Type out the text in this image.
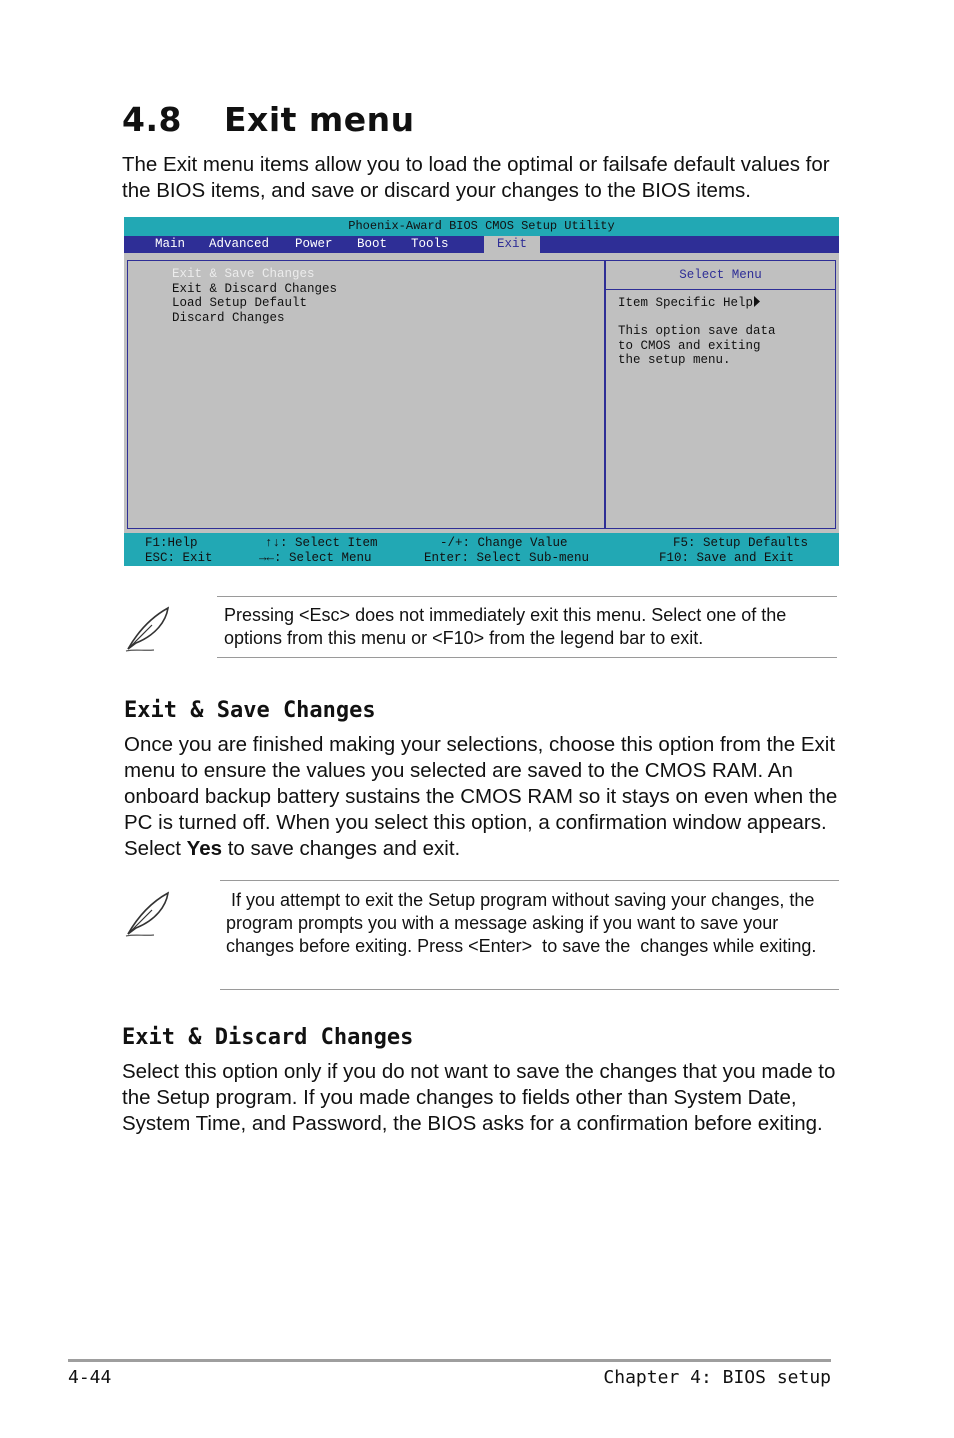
4.8 Exit menu

The Exit menu items allow you to load the optimal or failsafe default values for the BIOS items, and save or discard your changes to the BIOS items.

Phoenix-Award BIOS CMOS Setup Utility
Main Advanced Power Boot Tools	Exit
Exit & Save Changes
Exit & Discard Changes
Load Setup Default
Discard Changes
Select Menu
Item Specific Help
This option save data
to CMOS and exiting
the setup menu.
F1:Help
ESC: Exit
↑↓: Select Item
→←: Select Menu
-/+: Change Value
Enter: Select Sub-menu
F5: Setup Defaults
F10: Save and Exit

Pressing <Esc> does not immediately exit this menu. Select one of the options from this menu or <F10> from the legend bar to exit.

Exit & Save Changes

Once you are finished making your selections, choose this option from the Exit menu to ensure the values you selected are saved to the CMOS RAM. An onboard backup battery sustains the CMOS RAM so it stays on even when the PC is turned off. When you select this option, a confirmation window appears. Select Yes to save changes and exit.

If you attempt to exit the Setup program without saving your changes, the program prompts you with a message asking if you want to save your changes before exiting. Press <Enter>  to save the  changes while exiting.

Exit & Discard Changes

Select this option only if you do not want to save the changes that you made to the Setup program. If you made changes to fields other than System Date, System Time, and Password, the BIOS asks for a confirmation before exiting.

4-44	Chapter 4: BIOS setup
